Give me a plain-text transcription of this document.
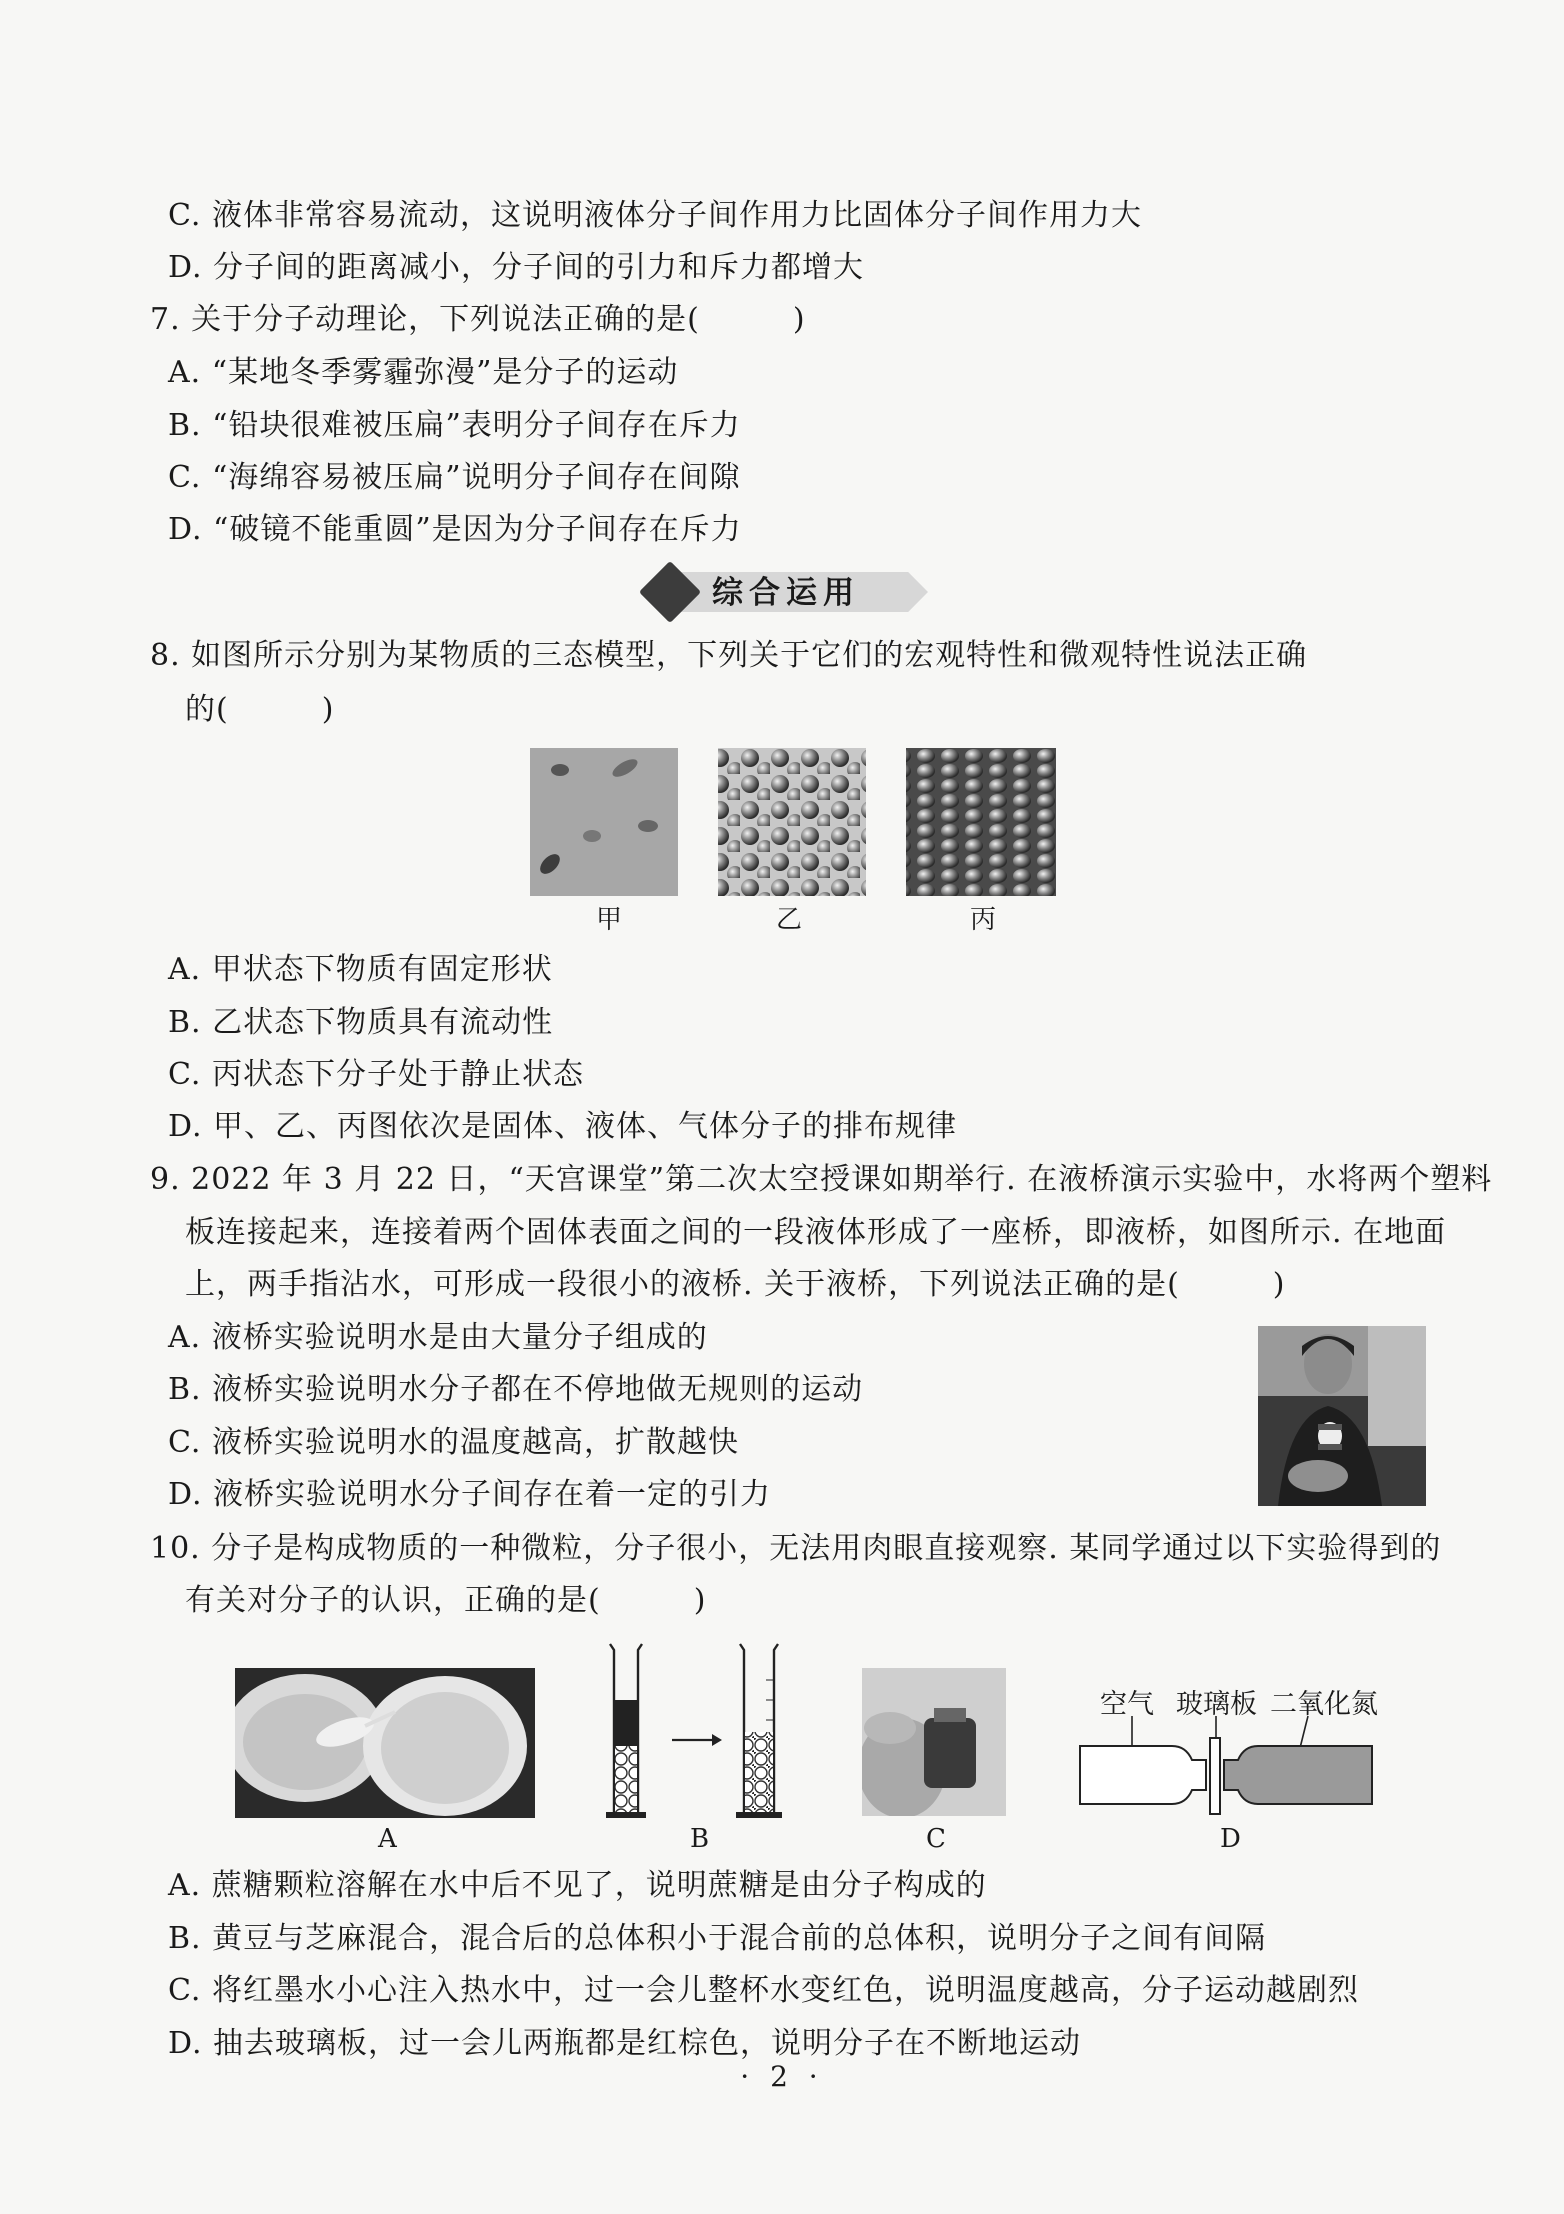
C. 液体非常容易流动，这说明液体分子间作用力比固体分子间作用力大
D. 分子间的距离减小，分子间的引力和斥力都增大
7. 关于分子动理论，下列说法正确的是(　　　)
A. “某地冬季雾霾弥漫”是分子的运动
B. “铅块很难被压扁”表明分子间存在斥力
C. “海绵容易被压扁”说明分子间存在间隙
D. “破镜不能重圆”是因为分子间存在斥力
综合运用
8. 如图所示分别为某物质的三态模型，下列关于它们的宏观特性和微观特性说法正确
的(　　　)
甲	乙	丙
A. 甲状态下物质有固定形状
B. 乙状态下物质具有流动性
C. 丙状态下分子处于静止状态
D. 甲、乙、丙图依次是固体、液体、气体分子的排布规律
9. 2022 年 3 月 22 日，“天宫课堂”第二次太空授课如期举行. 在液桥演示实验中，水将两个塑料
板连接起来，连接着两个固体表面之间的一段液体形成了一座桥，即液桥，如图所示. 在地面
上，两手指沾水，可形成一段很小的液桥. 关于液桥，下列说法正确的是(　　　)
A. 液桥实验说明水是由大量分子组成的
B. 液桥实验说明水分子都在不停地做无规则的运动
C. 液桥实验说明水的温度越高，扩散越快
D. 液桥实验说明水分子间存在着一定的引力
10. 分子是构成物质的一种微粒，分子很小，无法用肉眼直接观察. 某同学通过以下实验得到的
有关对分子的认识，正确的是(　　　)
A	B	C
空气 玻璃板 二氧化氮
D
A. 蔗糖颗粒溶解在水中后不见了，说明蔗糖是由分子构成的
B. 黄豆与芝麻混合，混合后的总体积小于混合前的总体积，说明分子之间有间隔
C. 将红墨水小心注入热水中，过一会儿整杯水变红色，说明温度越高，分子运动越剧烈
D. 抽去玻璃板，过一会儿两瓶都是红棕色，说明分子在不断地运动
· 2 ·
